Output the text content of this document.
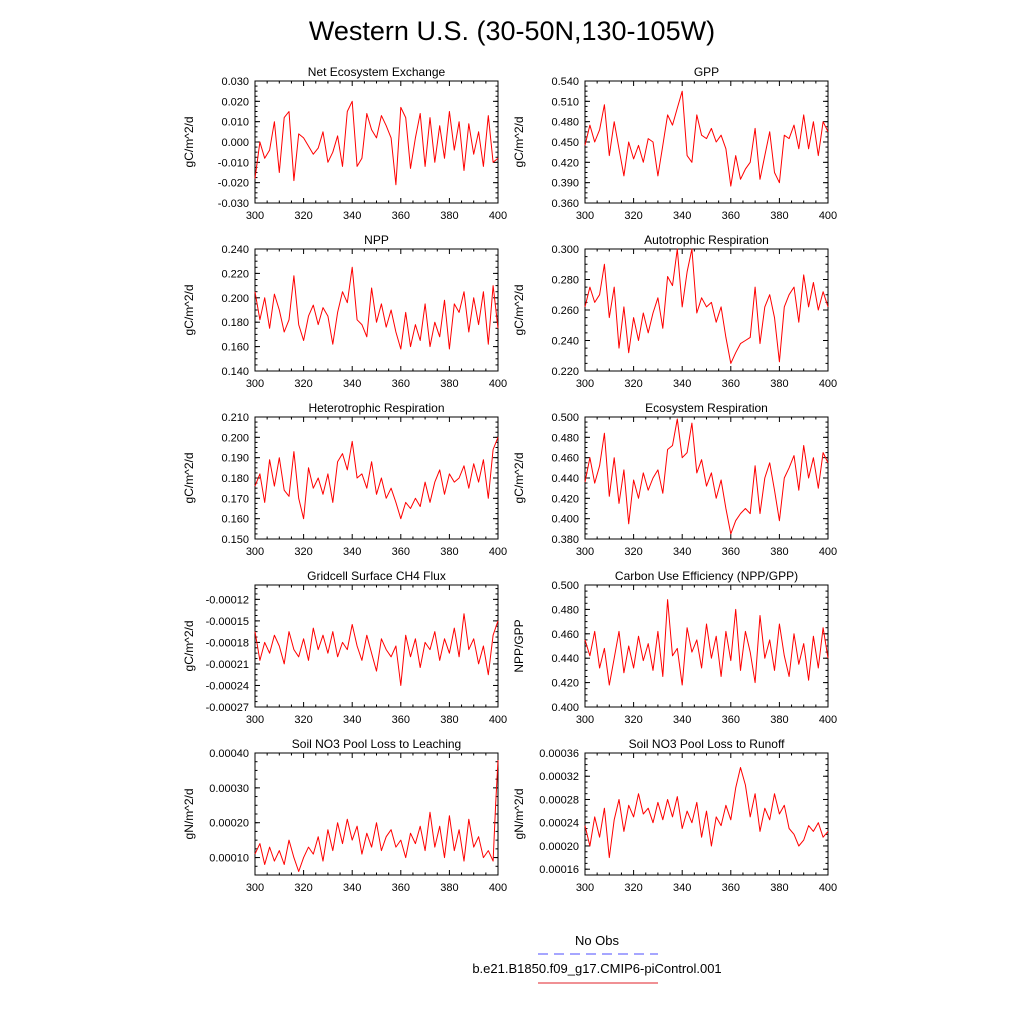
Western U.S. (30-50N,130-105W)
Net Ecosystem Exchange
gC/m^2/d
300	320	340	360	380	400
0.030
0.020
0.010
0.000
-0.010
-0.020
-0.030
GPP
gC/m^2/d
300	320	340	360	380	400
0.540
0.510
0.480
0.450
0.420
0.390
0.360
NPP
gC/m^2/d
300	320	340	360	380	400
0.240
0.220
0.200
0.180
0.160
0.140
Autotrophic Respiration
gC/m^2/d
300	320	340	360	380	400
0.300
0.280
0.260
0.240
0.220
Heterotrophic Respiration
gC/m^2/d
300	320	340	360	380	400
0.210
0.200
0.190
0.180
0.170
0.160
0.150
Ecosystem Respiration
gC/m^2/d
300	320	340	360	380	400
0.500
0.480
0.460
0.440
0.420
0.400
0.380
Gridcell Surface CH4 Flux
gC/m^2/d
300	320	340	360	380	400
-0.00012
-0.00015
-0.00018
-0.00021
-0.00024
-0.00027
Carbon Use Efficiency (NPP/GPP)
NPP/GPP
300	320	340	360	380	400
0.500
0.480
0.460
0.440
0.420
0.400
Soil NO3 Pool Loss to Leaching
gN/m^2/d
300	320	340	360	380	400
0.00040
0.00030
0.00020
0.00010
Soil NO3 Pool Loss to Runoff
gN/m^2/d
300	320	340	360	380	400
0.00036
0.00032
0.00028
0.00024
0.00020
0.00016
No Obs
b.e21.B1850.f09_g17.CMIP6-piControl.001
